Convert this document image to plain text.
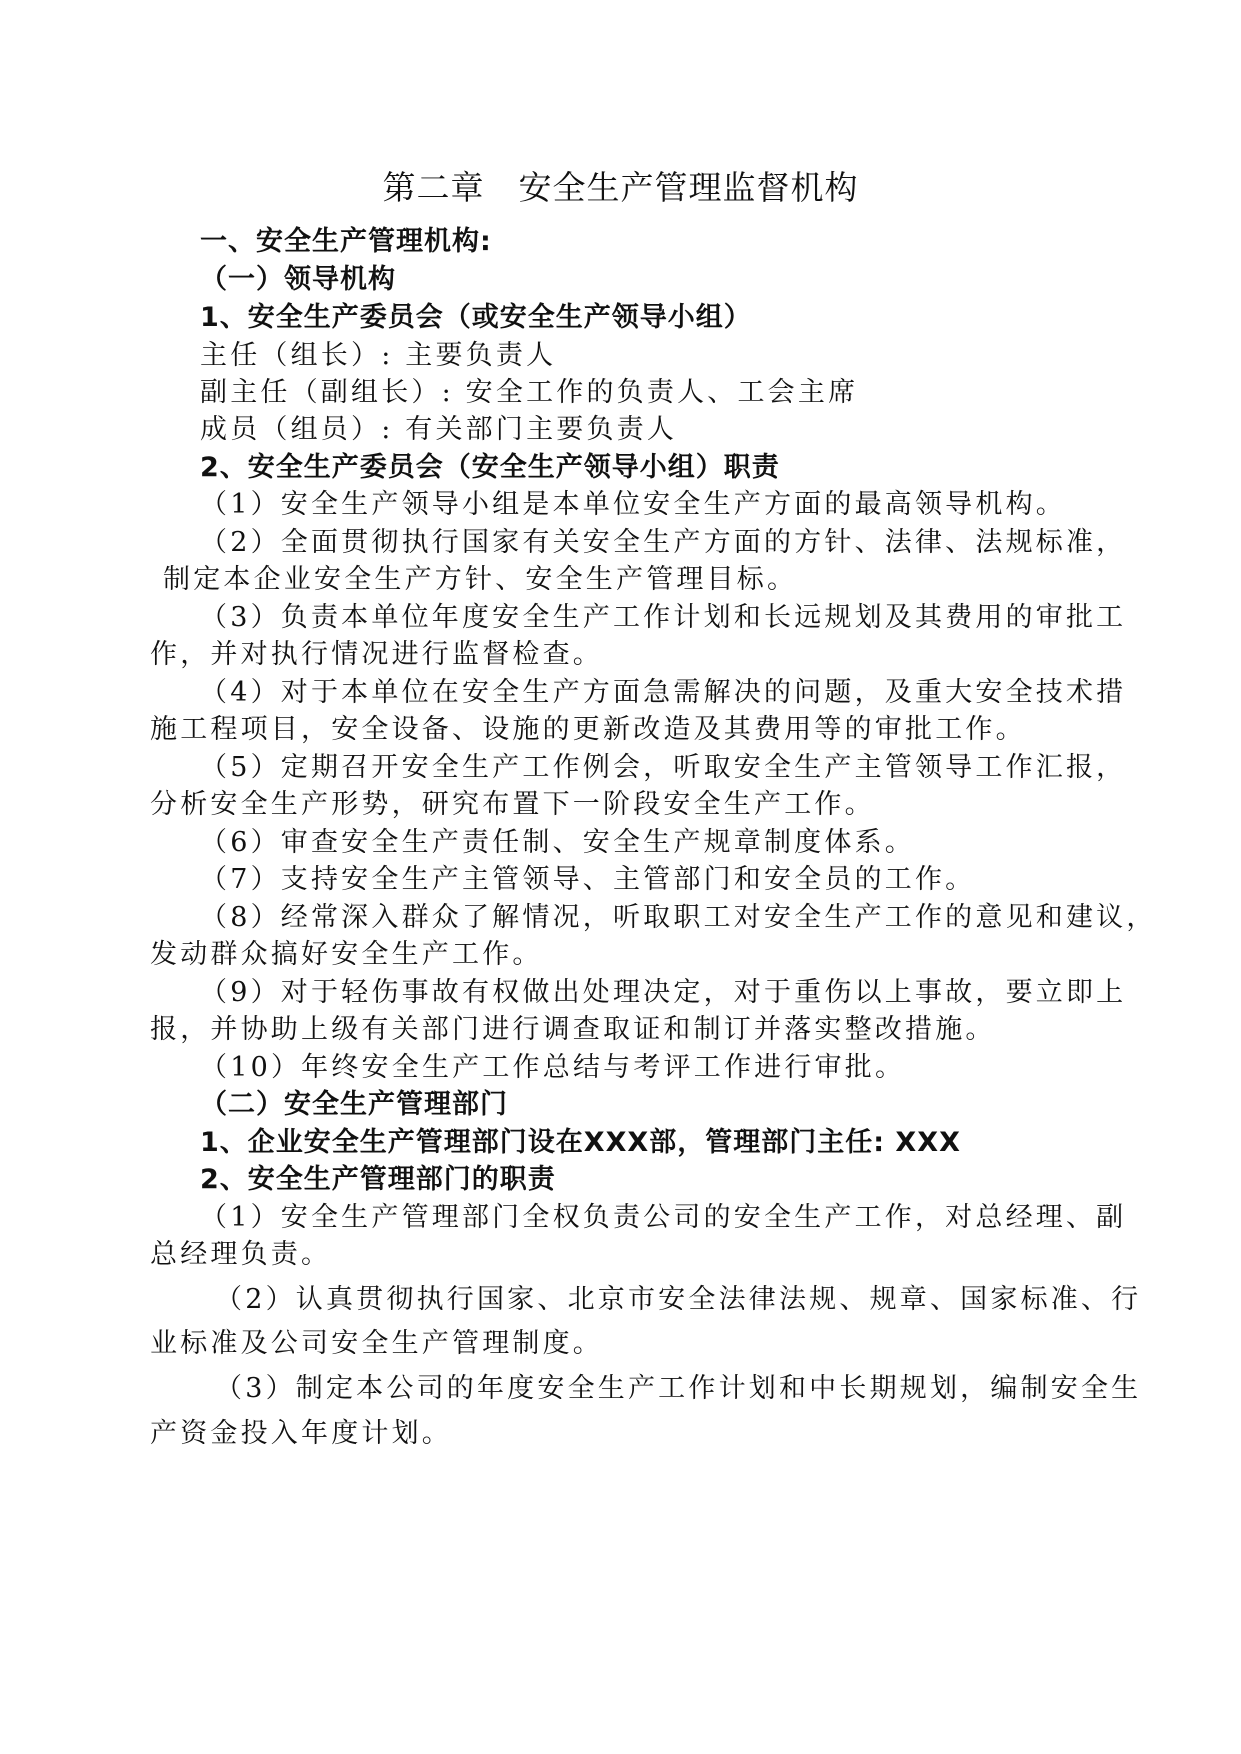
第二章　安全生产管理监督机构
一、安全生产管理机构:
（一）领导机构
1、安全生产委员会（或安全生产领导小组）
主任（组长）: 主要负责人
副主任（副组长）: 安全工作的负责人、工会主席
成员（组员）: 有关部门主要负责人
2、安全生产委员会（安全生产领导小组）职责
（1）安全生产领导小组是本单位安全生产方面的最高领导机构。
（2）全面贯彻执行国家有关安全生产方面的方针、法律、法规标准，
制定本企业安全生产方针、安全生产管理目标。
（3）负责本单位年度安全生产工作计划和长远规划及其费用的审批工
作，并对执行情况进行监督检查。
（4）对于本单位在安全生产方面急需解决的问题，及重大安全技术措
施工程项目，安全设备、设施的更新改造及其费用等的审批工作。
（5）定期召开安全生产工作例会，听取安全生产主管领导工作汇报，
分析安全生产形势，研究布置下一阶段安全生产工作。
（6）审查安全生产责任制、安全生产规章制度体系。
（7）支持安全生产主管领导、主管部门和安全员的工作。
（8）经常深入群众了解情况，听取职工对安全生产工作的意见和建议，
发动群众搞好安全生产工作。
（9）对于轻伤事故有权做出处理决定，对于重伤以上事故，要立即上
报，并协助上级有关部门进行调查取证和制订并落实整改措施。
（10）年终安全生产工作总结与考评工作进行审批。
（二）安全生产管理部门
1、企业安全生产管理部门设在XXX部，管理部门主任: XXX
2、安全生产管理部门的职责
（1）安全生产管理部门全权负责公司的安全生产工作，对总经理、副
总经理负责。
（2）认真贯彻执行国家、北京市安全法律法规、规章、国家标准、行
业标准及公司安全生产管理制度。
（3）制定本公司的年度安全生产工作计划和中长期规划，编制安全生
产资金投入年度计划。
